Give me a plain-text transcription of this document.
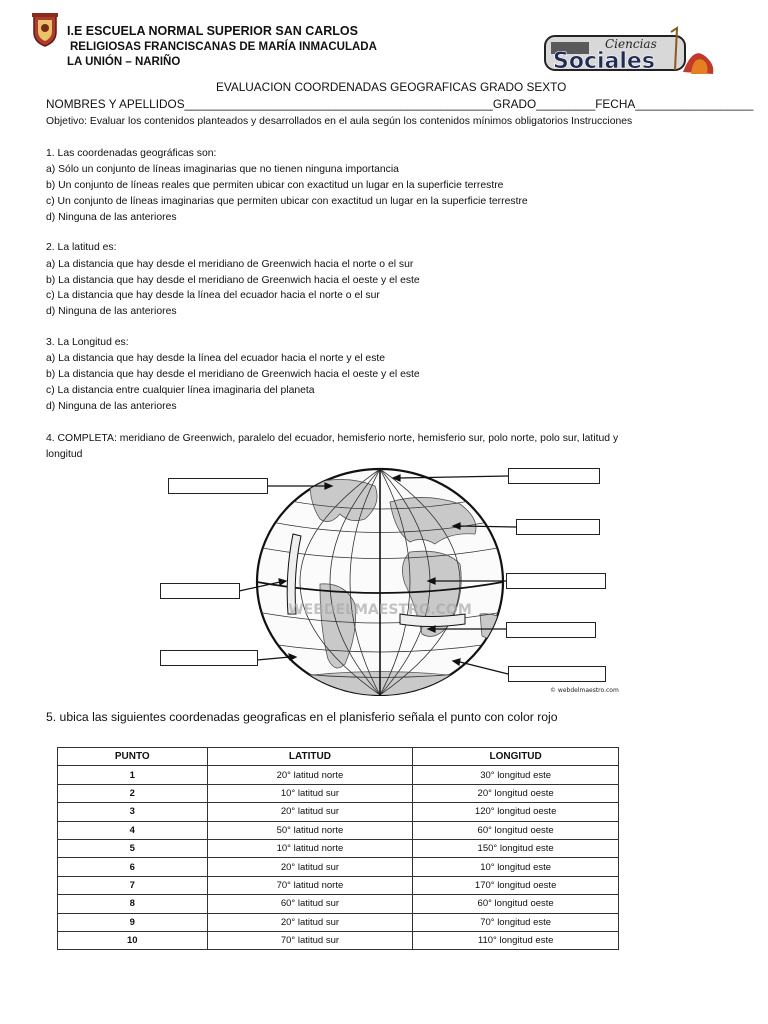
I.E ESCUELA NORMAL SUPERIOR SAN CARLOS
RELIGIOSAS FRANCISCANAS DE MARÍA INMACULADA
LA UNIÓN – NARIÑO
Ciencias
Sociales
EVALUACION COORDENADAS GEOGRAFICAS GRADO SEXTO
NOMBRES Y APELLIDOS_______________________________________________GRADO_________FECHA__________________
Objetivo: Evaluar los contenidos planteados y desarrollados en el aula según los contenidos mínimos obligatorios Instrucciones
1. Las coordenadas geográficas son:
a) Sólo un conjunto de líneas imaginarias que no tienen ninguna importancia
b) Un conjunto de líneas reales que permiten ubicar con exactitud un lugar en la superficie terrestre
c) Un conjunto de líneas imaginarias que permiten ubicar con exactitud un lugar en la superficie terrestre
d) Ninguna de las anteriores
2. La latitud es:
a) La distancia que hay desde el meridiano de Greenwich hacia el norte o el sur
b) La distancia que hay desde el meridiano de Greenwich hacia el oeste y el este
c) La distancia que hay desde la línea del ecuador hacia el norte o el sur
d) Ninguna de las anteriores
3. La Longitud es:
a) La distancia que hay desde la línea del ecuador hacia el norte y el este
b) La distancia que hay desde el meridiano de Greenwich hacia el oeste y el este
c) La distancia entre cualquier línea imaginaria del planeta
d) Ninguna de las anteriores
4. COMPLETA: meridiano de Greenwich, paralelo del ecuador, hemisferio norte, hemisferio sur, polo norte, polo sur, latitud y
longitud
WEBDELMAESTRO.COM
© webdelmaestro.com
5. ubica las siguientes coordenadas geograficas en el planisferio señala el punto con color rojo
PUNTO	LATITUD	LONGITUD
1	20° latitud norte	30° longitud este
2	10° latitud sur	20° longitud oeste
3	20° latitud sur	120° longitud oeste
4	50° latitud norte	60° longitud oeste
5	10° latitud norte	150° longitud este
6	20° latitud sur	10° longitud este
7	70° latitud norte	170° longitud oeste
8	60° latitud sur	60° longitud oeste
9	20° latitud sur	70° longitud este
10	70° latitud sur	110° longitud este
